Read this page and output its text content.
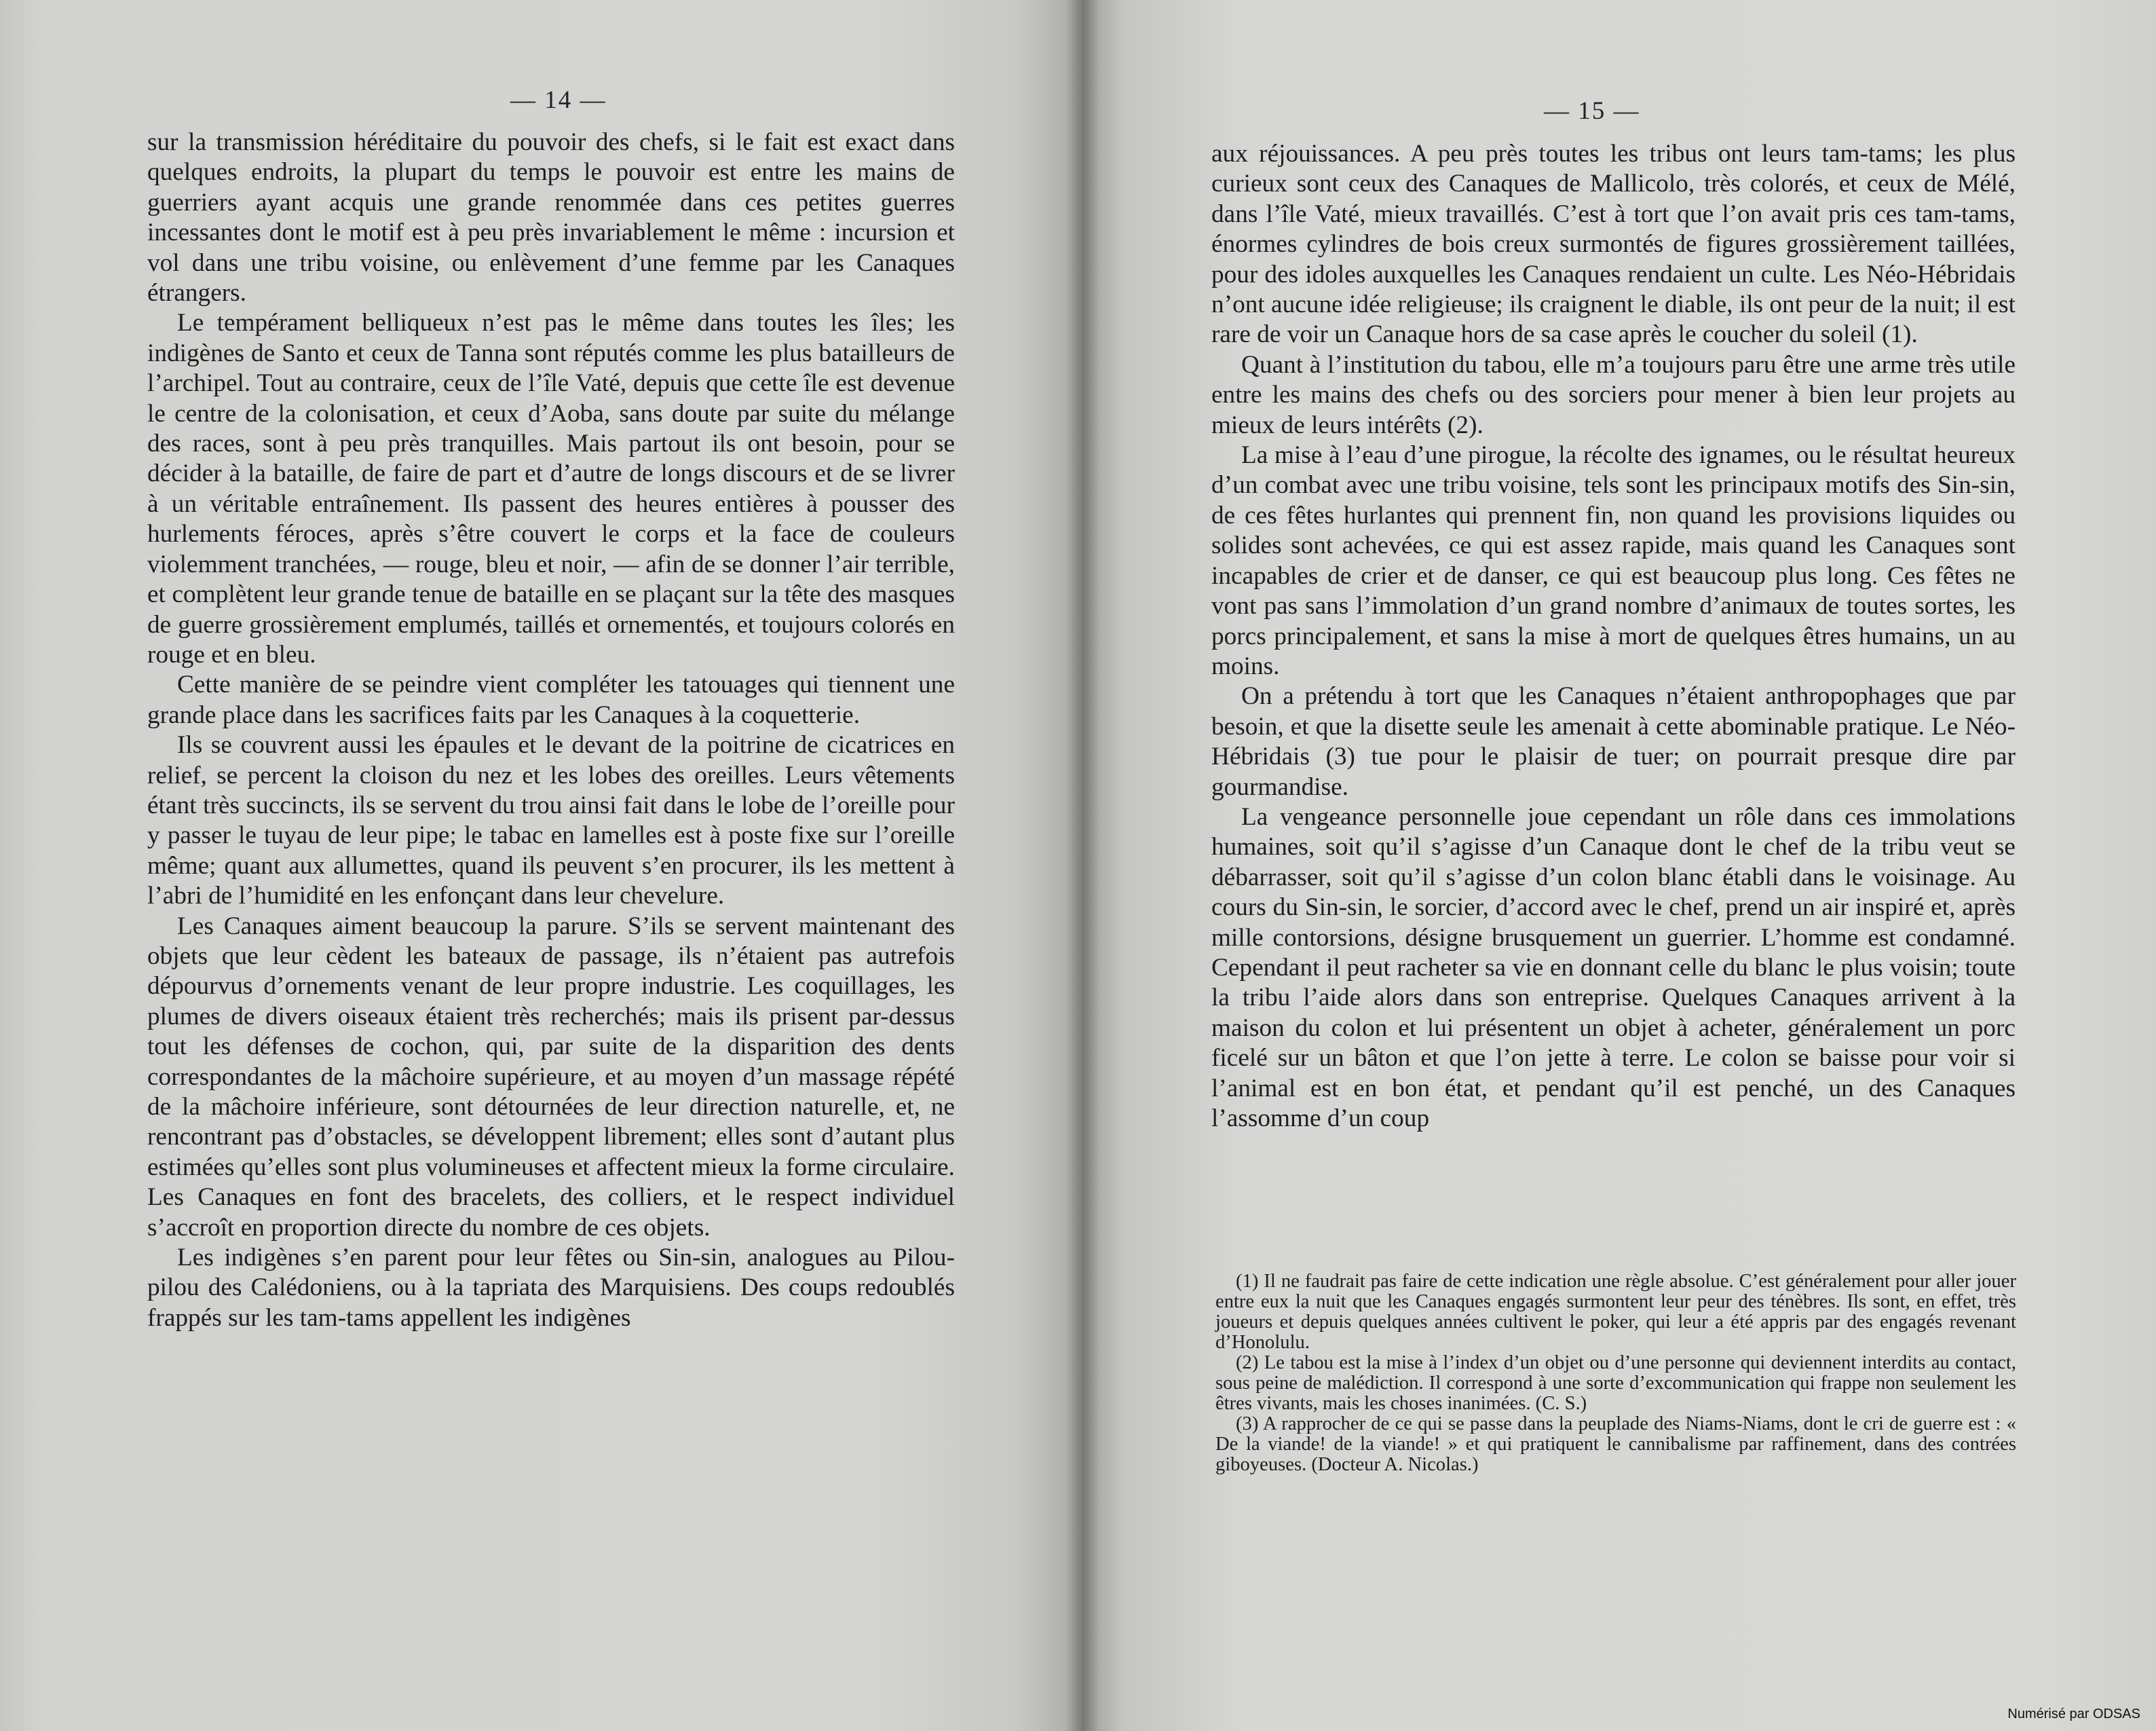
— 14 —

sur la transmission héréditaire du pouvoir des chefs, si le fait est exact dans quelques endroits, la plupart du temps le pouvoir est entre les mains de guerriers ayant acquis une grande renommée dans ces petites guerres incessantes dont le motif est à peu près invariablement le même : incursion et vol dans une tribu voisine, ou enlèvement d’une femme par les Canaques étrangers.

Le tempérament belliqueux n’est pas le même dans toutes les îles; les indigènes de Santo et ceux de Tanna sont réputés comme les plus batailleurs de l’archipel. Tout au contraire, ceux de l’île Vaté, depuis que cette île est devenue le centre de la colonisation, et ceux d’Aoba, sans doute par suite du mélange des races, sont à peu près tranquilles. Mais partout ils ont besoin, pour se décider à la bataille, de faire de part et d’autre de longs discours et de se livrer à un véritable entraînement. Ils passent des heures entières à pousser des hurlements féroces, après s’être couvert le corps et la face de couleurs violemment tranchées, — rouge, bleu et noir, — afin de se donner l’air terrible, et complètent leur grande tenue de bataille en se plaçant sur la tête des masques de guerre grossièrement emplumés, taillés et ornementés, et toujours colorés en rouge et en bleu.

Cette manière de se peindre vient compléter les tatouages qui tiennent une grande place dans les sacrifices faits par les Canaques à la coquetterie.

Ils se couvrent aussi les épaules et le devant de la poitrine de cicatrices en relief, se percent la cloison du nez et les lobes des oreilles. Leurs vêtements étant très succincts, ils se servent du trou ainsi fait dans le lobe de l’oreille pour y passer le tuyau de leur pipe; le tabac en lamelles est à poste fixe sur l’oreille même; quant aux allumettes, quand ils peuvent s’en procurer, ils les mettent à l’abri de l’humidité en les enfonçant dans leur chevelure.

Les Canaques aiment beaucoup la parure. S’ils se servent maintenant des objets que leur cèdent les bateaux de passage, ils n’étaient pas autrefois dépourvus d’ornements venant de leur propre industrie. Les coquillages, les plumes de divers oiseaux étaient très recherchés; mais ils prisent par-dessus tout les défenses de cochon, qui, par suite de la disparition des dents correspondantes de la mâchoire supérieure, et au moyen d’un massage répété de la mâchoire inférieure, sont détournées de leur direction naturelle, et, ne rencontrant pas d’obstacles, se développent librement; elles sont d’autant plus estimées qu’elles sont plus volumineuses et affectent mieux la forme circulaire. Les Canaques en font des bracelets, des colliers, et le respect individuel s’accroît en proportion directe du nombre de ces objets.

Les indigènes s’en parent pour leur fêtes ou Sin-sin, analogues au Pilou-pilou des Calédoniens, ou à la tapriata des Marquisiens. Des coups redoublés frappés sur les tam-tams appellent les indigènes

— 15 —

aux réjouissances. A peu près toutes les tribus ont leurs tam-tams; les plus curieux sont ceux des Canaques de Mallicolo, très colorés, et ceux de Mélé, dans l’île Vaté, mieux travaillés. C’est à tort que l’on avait pris ces tam-tams, énormes cylindres de bois creux surmontés de figures grossièrement taillées, pour des idoles auxquelles les Canaques rendaient un culte. Les Néo-Hébridais n’ont aucune idée religieuse; ils craignent le diable, ils ont peur de la nuit; il est rare de voir un Canaque hors de sa case après le coucher du soleil (1).

Quant à l’institution du tabou, elle m’a toujours paru être une arme très utile entre les mains des chefs ou des sorciers pour mener à bien leur projets au mieux de leurs intérêts (2).

La mise à l’eau d’une pirogue, la récolte des ignames, ou le résultat heureux d’un combat avec une tribu voisine, tels sont les principaux motifs des Sin-sin, de ces fêtes hurlantes qui prennent fin, non quand les provisions liquides ou solides sont achevées, ce qui est assez rapide, mais quand les Canaques sont incapables de crier et de danser, ce qui est beaucoup plus long. Ces fêtes ne vont pas sans l’immolation d’un grand nombre d’animaux de toutes sortes, les porcs principalement, et sans la mise à mort de quelques êtres humains, un au moins.

On a prétendu à tort que les Canaques n’étaient anthropophages que par besoin, et que la disette seule les amenait à cette abominable pratique. Le Néo-Hébridais (3) tue pour le plaisir de tuer; on pourrait presque dire par gourmandise.

La vengeance personnelle joue cependant un rôle dans ces immolations humaines, soit qu’il s’agisse d’un Canaque dont le chef de la tribu veut se débarrasser, soit qu’il s’agisse d’un colon blanc établi dans le voisinage. Au cours du Sin-sin, le sorcier, d’accord avec le chef, prend un air inspiré et, après mille contorsions, désigne brusquement un guerrier. L’homme est condamné. Cependant il peut racheter sa vie en donnant celle du blanc le plus voisin; toute la tribu l’aide alors dans son entreprise. Quelques Canaques arrivent à la maison du colon et lui présentent un objet à acheter, généralement un porc ficelé sur un bâton et que l’on jette à terre. Le colon se baisse pour voir si l’animal est en bon état, et pendant qu’il est penché, un des Canaques l’assomme d’un coup

(1) Il ne faudrait pas faire de cette indication une règle absolue. C’est généralement pour aller jouer entre eux la nuit que les Canaques engagés surmontent leur peur des ténèbres. Ils sont, en effet, très joueurs et depuis quelques années cultivent le poker, qui leur a été appris par des engagés revenant d’Honolulu.

(2) Le tabou est la mise à l’index d’un objet ou d’une personne qui deviennent interdits au contact, sous peine de malédiction. Il correspond à une sorte d’excommunication qui frappe non seulement les êtres vivants, mais les choses inanimées. (C. S.)

(3) A rapprocher de ce qui se passe dans la peuplade des Niams-Niams, dont le cri de guerre est : « De la viande! de la viande! » et qui pratiquent le cannibalisme par raffinement, dans des contrées giboyeuses. (Docteur A. Nicolas.)

Numérisé par ODSAS
